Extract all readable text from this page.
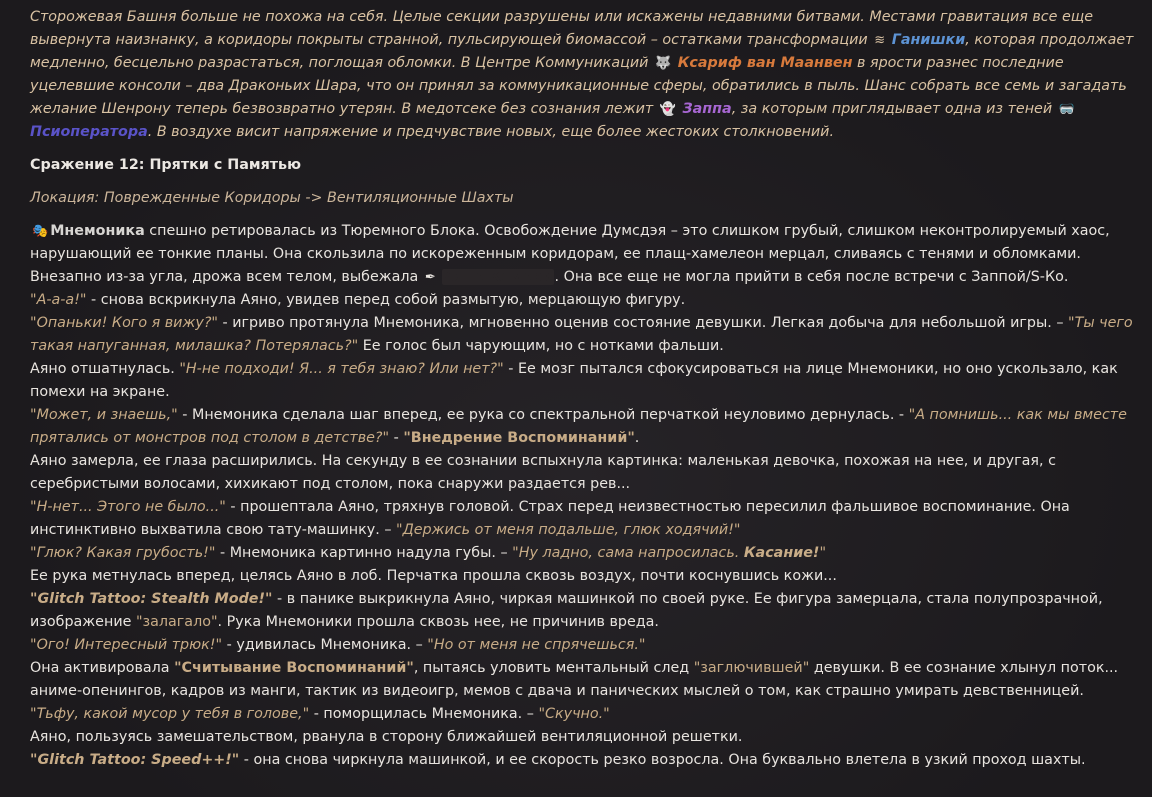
Сторожевая Башня больше не похожа на себя. Целые секции разрушены или искажены недавними битвами. Местами гравитация все еще вывернута наизнанку, а коридоры покрыты странной, пульсирующей биомассой – остатками трансформации ≋ Ганишки, которая продолжает медленно, бесцельно разрастаться, поглощая обломки. В Центре Коммуникаций 🐺 Ксариф ван Маанвен в ярости разнес последние уцелевшие консоли – два Драконьих Шара, что он принял за коммуникационные сферы, обратились в пыль. Шанс собрать все семь и загадать желание Шенрону теперь безвозвратно утерян. В медотсеке без сознания лежит 👻 Заппа, за которым приглядывает одна из теней 🥽 Псиоператора. В воздухе висит напряжение и предчувствие новых, еще более жестоких столкновений.

Сражение 12: Прятки с Памятью

Локация: Поврежденные Коридоры -> Вентиляционные Шахты

🎭 Мнемоника спешно ретировалась из Тюремного Блока. Освобождение Думсдэя – это слишком грубый, слишком неконтролируемый хаос, нарушающий ее тонкие планы. Она скользила по искореженным коридорам, ее плащ-хамелеон мерцал, сливаясь с тенями и обломками. Внезапно из-за угла, дрожа всем телом, выбежала ✒ Аяно Комори . Она все еще не могла прийти в себя после встречи с Заппой/S-Ко.

"А-а-а!" - снова вскрикнула Аяно, увидев перед собой размытую, мерцающую фигуру.

"Опаньки! Кого я вижу?" - игриво протянула Мнемоника, мгновенно оценив состояние девушки. Легкая добыча для небольшой игры. – "Ты чего такая напуганная, милашка? Потерялась?" Ее голос был чарующим, но с нотками фальши.

Аяно отшатнулась. "Н-не подходи! Я... я тебя знаю? Или нет?" - Ее мозг пытался сфокусироваться на лице Мнемоники, но оно ускользало, как помехи на экране.

"Может, и знаешь," - Мнемоника сделала шаг вперед, ее рука со спектральной перчаткой неуловимо дернулась. - "А помнишь... как мы вместе прятались от монстров под столом в детстве?" - "Внедрение Воспоминаний".

Аяно замерла, ее глаза расширились. На секунду в ее сознании вспыхнула картинка: маленькая девочка, похожая на нее, и другая, с серебристыми волосами, хихикают под столом, пока снаружи раздается рев...

"Н-нет... Этого не было..." - прошептала Аяно, тряхнув головой. Страх перед неизвестностью пересилил фальшивое воспоминание. Она инстинктивно выхватила свою тату-машинку. – "Держись от меня подальше, глюк ходячий!"

"Глюк? Какая грубость!" - Мнемоника картинно надула губы. – "Ну ладно, сама напросилась. Касание!"

Ее рука метнулась вперед, целясь Аяно в лоб. Перчатка прошла сквозь воздух, почти коснувшись кожи...

"Glitch Tattoo: Stealth Mode!" - в панике выкрикнула Аяно, чиркая машинкой по своей руке. Ее фигура замерцала, стала полупрозрачной, изображение "залагало". Рука Мнемоники прошла сквозь нее, не причинив вреда.

"Ого! Интересный трюк!" - удивилась Мнемоника. – "Но от меня не спрячешься."

Она активировала "Считывание Воспоминаний", пытаясь уловить ментальный след "заглючившей" девушки. В ее сознание хлынул поток... аниме-опенингов, кадров из манги, тактик из видеоигр, мемов с двача и панических мыслей о том, как страшно умирать девственницей.

"Тьфу, какой мусор у тебя в голове," - поморщилась Мнемоника. – "Скучно."

Аяно, пользуясь замешательством, рванула в сторону ближайшей вентиляционной решетки.

"Glitch Tattoo: Speed++!" - она снова чиркнула машинкой, и ее скорость резко возросла. Она буквально влетела в узкий проход шахты.
